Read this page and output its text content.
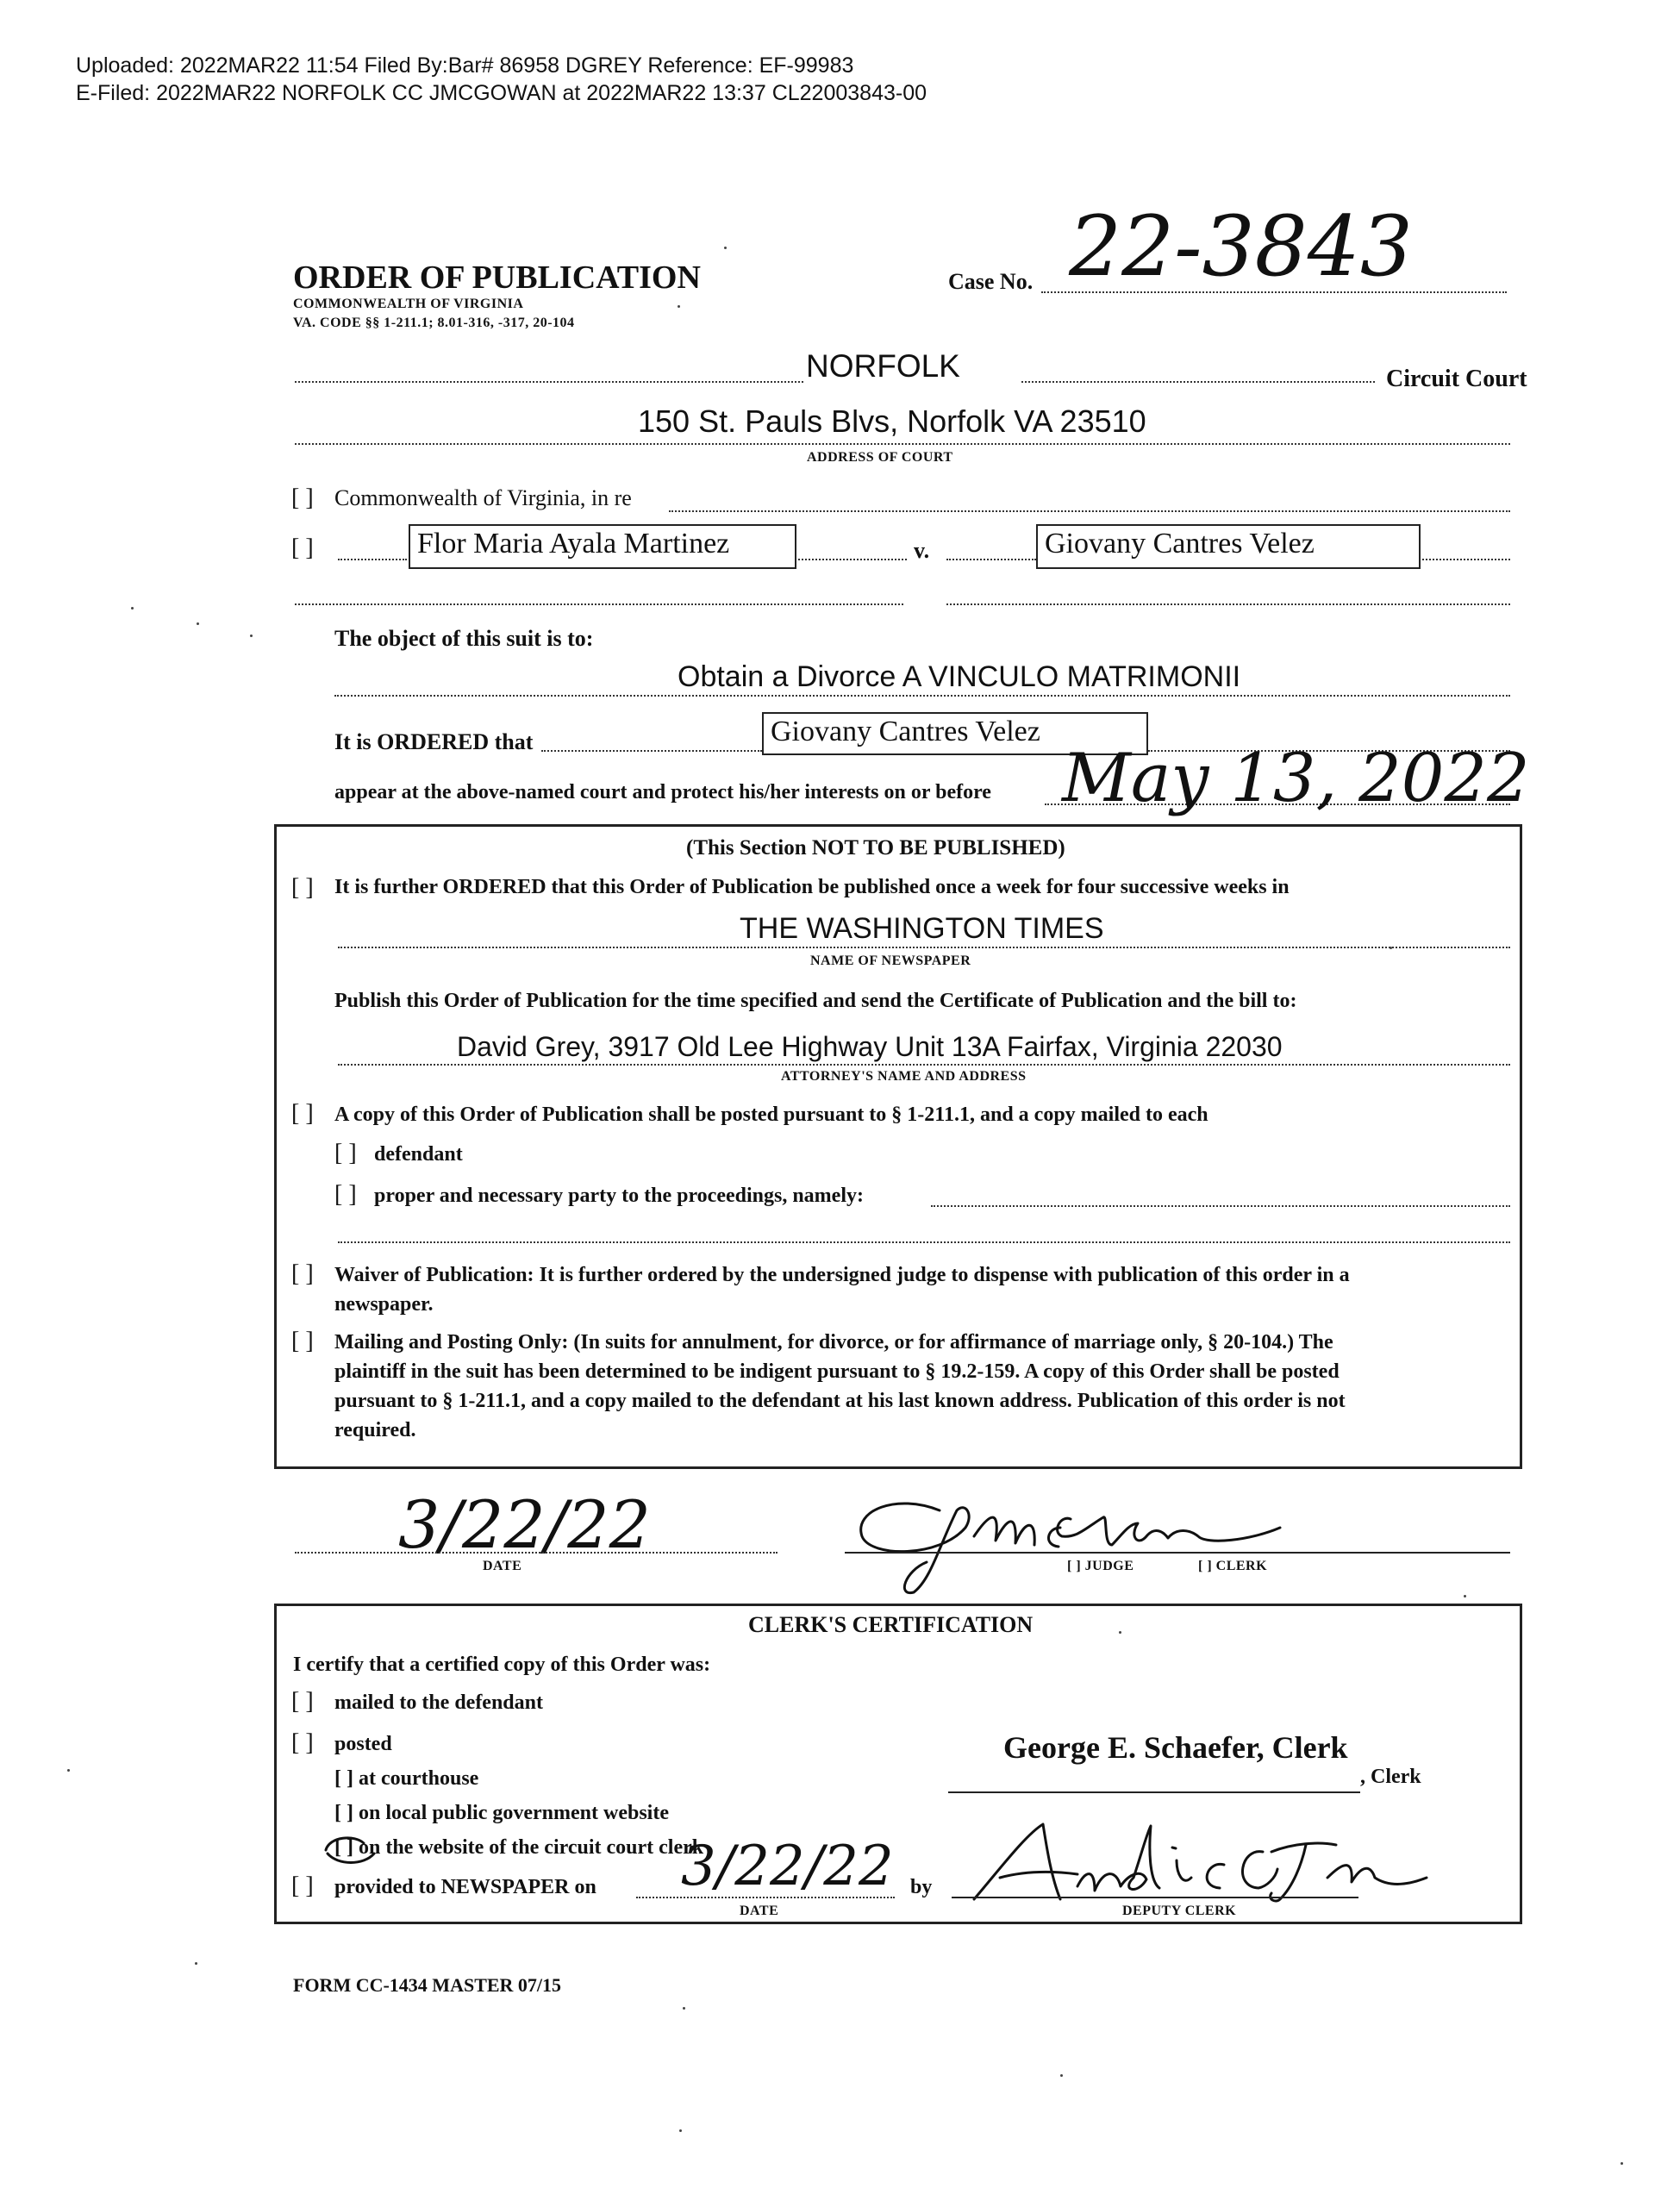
Uploaded: 2022MAR22 11:54 Filed By:Bar# 86958 DGREY Reference: EF-99983
E-Filed: 2022MAR22 NORFOLK CC JMCGOWAN at 2022MAR22 13:37 CL22003843-00
ORDER OF PUBLICATION
COMMONWEALTH OF VIRGINIA
VA. CODE §§ 1-211.1; 8.01-316, -317, 20-104
Case No. 22-3843
NORFOLK	Circuit Court
150 St. Pauls Blvs, Norfolk VA 23510
ADDRESS OF COURT
[ ] Commonwealth of Virginia, in re
[ ]	Flor Maria Ayala Martinez	v.	Giovany Cantres Velez
The object of this suit is to:
Obtain a Divorce A VINCULO MATRIMONII
It is ORDERED that	Giovany Cantres Velez
appear at the above-named court and protect his/her interests on or before May 13, 2022
(This Section NOT TO BE PUBLISHED)
[ ] It is further ORDERED that this Order of Publication be published once a week for four successive weeks in
THE WASHINGTON TIMES
NAME OF NEWSPAPER
Publish this Order of Publication for the time specified and send the Certificate of Publication and the bill to:
David Grey, 3917 Old Lee Highway Unit 13A Fairfax, Virginia 22030
ATTORNEY'S NAME AND ADDRESS
[ ] A copy of this Order of Publication shall be posted pursuant to § 1-211.1, and a copy mailed to each
[ ] defendant
[ ] proper and necessary party to the proceedings, namely:
[ ] Waiver of Publication: It is further ordered by the undersigned judge to dispense with publication of this order in a
newspaper.
[ ] Mailing and Posting Only: (In suits for annulment, for divorce, or for affirmance of marriage only, § 20-104.) The
plaintiff in the suit has been determined to be indigent pursuant to § 19.2-159. A copy of this Order shall be posted
pursuant to § 1-211.1, and a copy mailed to the defendant at his last known address. Publication of this order is not
required.
3/22/22
DATE	[ ] JUDGE	[ ] CLERK
CLERK'S CERTIFICATION
I certify that a certified copy of this Order was:
[ ] mailed to the defendant
[ ] posted
[ ] at courthouse
[ ] on local public government website
[ ] on the website of the circuit court clerk
[ ] provided to NEWSPAPER on 3/22/22
DATE
by
George E. Schaefer, Clerk
, Clerk
DEPUTY CLERK
FORM CC-1434 MASTER 07/15
